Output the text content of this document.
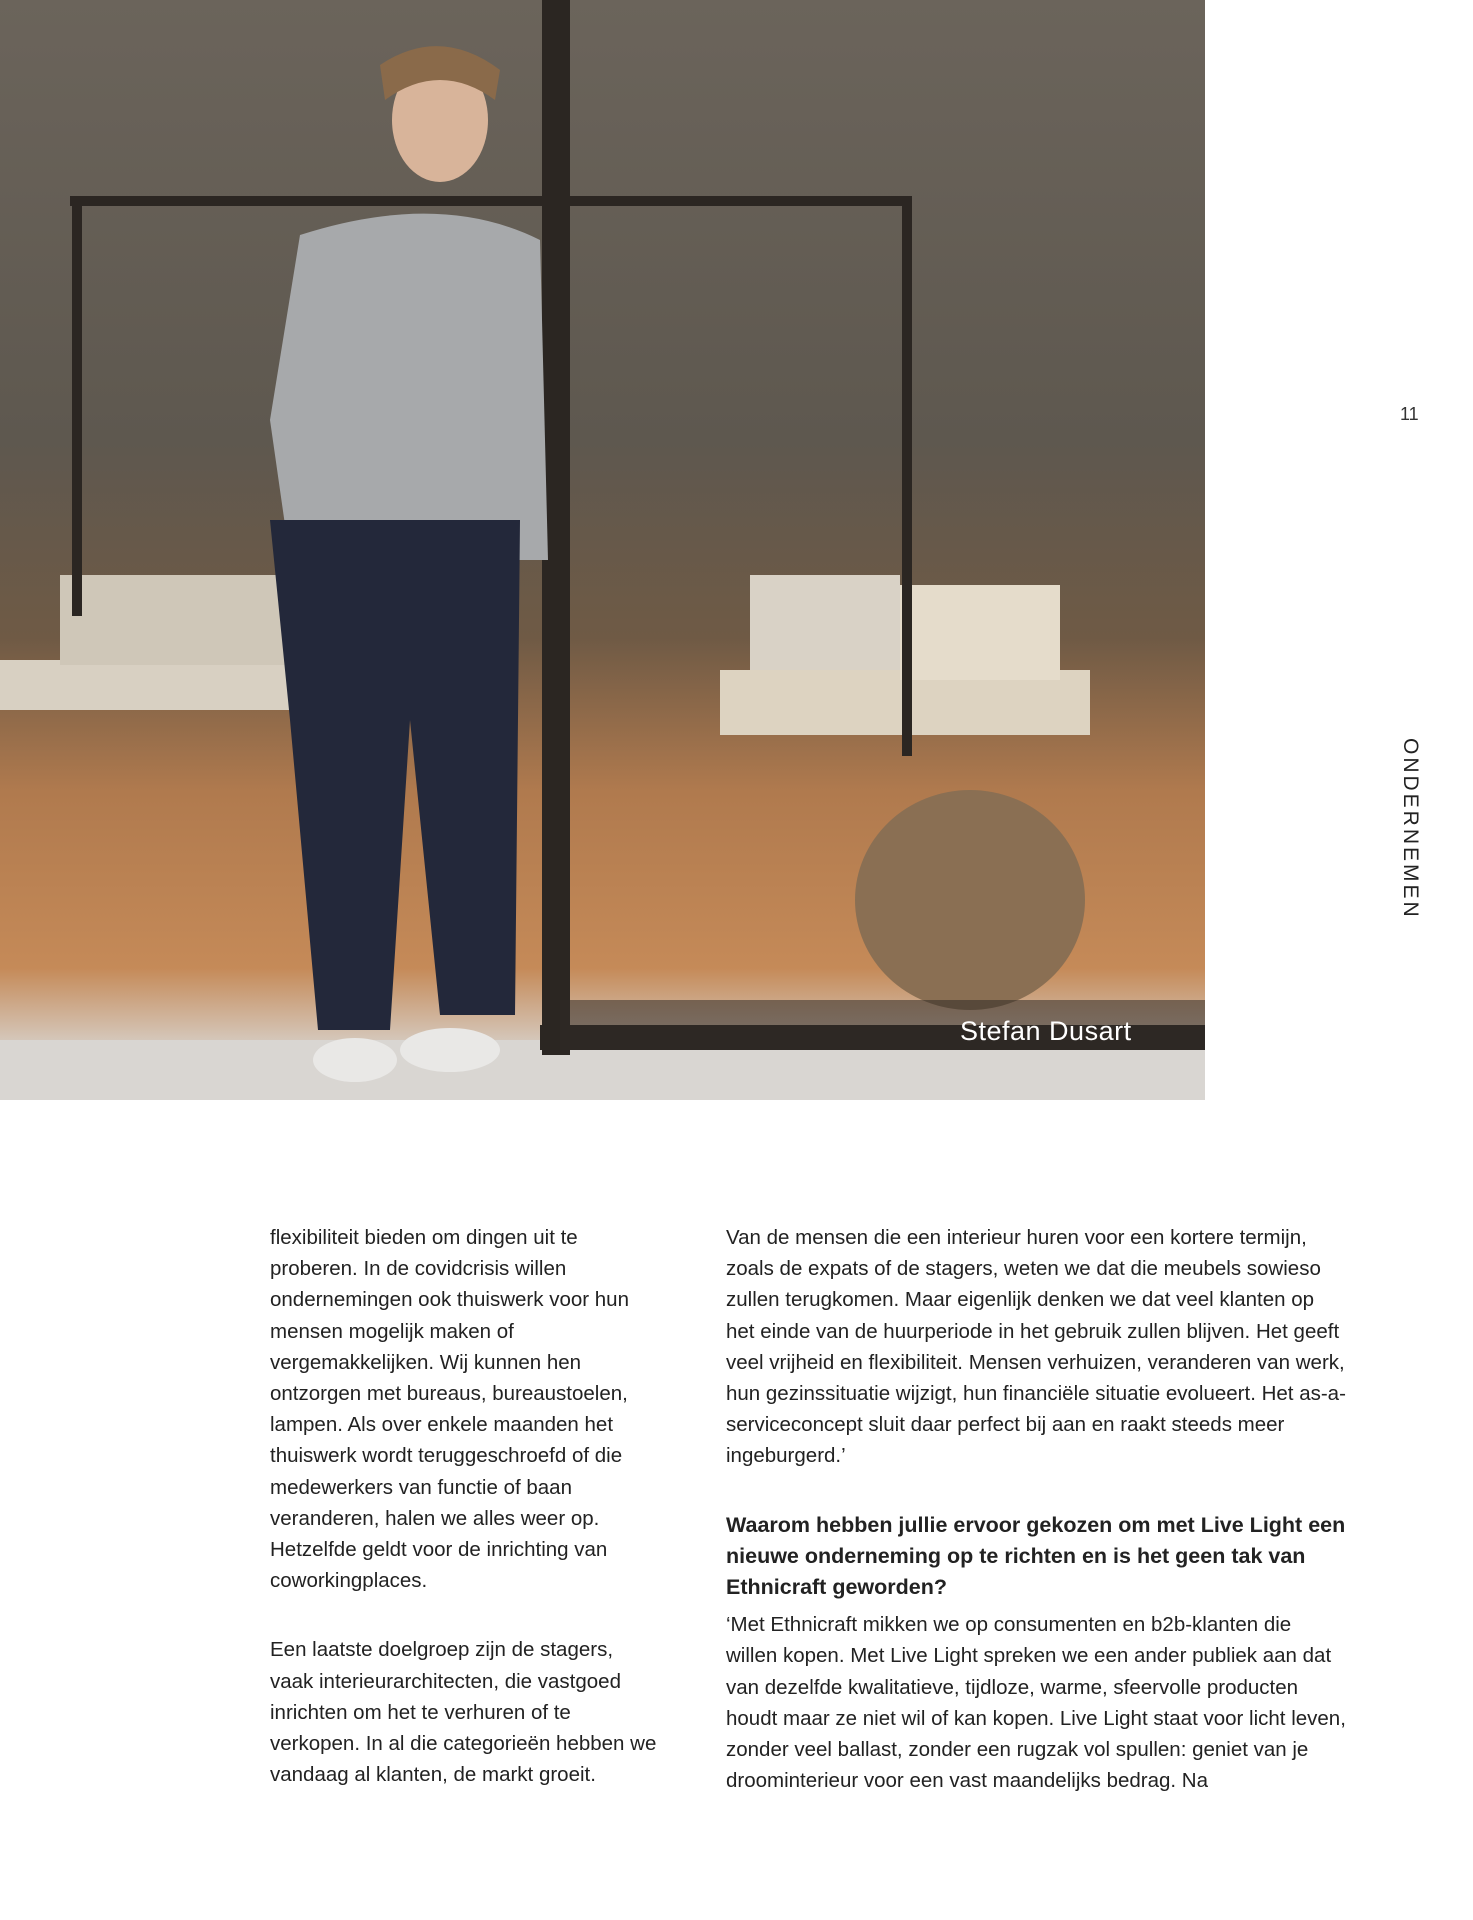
Stefan Dusart
11
ONDERNEMEN

flexibiliteit bieden om dingen uit te proberen. In de covidcrisis willen ondernemingen ook thuiswerk voor hun mensen mogelijk maken of vergemakkelijken. Wij kunnen hen ontzorgen met bureaus, bureaustoelen, lampen. Als over enkele maanden het thuiswerk wordt teruggeschroefd of die medewerkers van functie of baan veranderen, halen we alles weer op. Hetzelfde geldt voor de inrichting van coworkingplaces.

Een laatste doelgroep zijn de stagers, vaak interieurarchitecten, die vastgoed inrichten om het te verhuren of te verkopen. In al die categorieën hebben we vandaag al klanten, de markt groeit.

Van de mensen die een interieur huren voor een kortere termijn, zoals de expats of de stagers, weten we dat die meubels sowieso zullen terugkomen. Maar eigenlijk denken we dat veel klanten op het einde van de huurperiode in het gebruik zullen blijven. Het geeft veel vrijheid en flexibiliteit. Mensen verhuizen, veranderen van werk, hun gezinssituatie wijzigt, hun financiële situatie evolueert. Het as-a-serviceconcept sluit daar perfect bij aan en raakt steeds meer ingeburgerd.’

Waarom hebben jullie ervoor gekozen om met Live Light een nieuwe onderneming op te richten en is het geen tak van Ethnicraft geworden?

‘Met Ethnicraft mikken we op consumenten en b2b-klanten die willen kopen. Met Live Light spreken we een ander publiek aan dat van dezelfde kwalitatieve, tijdloze, warme, sfeervolle producten houdt maar ze niet wil of kan kopen. Live Light staat voor licht leven, zonder veel ballast, zonder een rugzak vol spullen: geniet van je droominterieur voor een vast maandelijks bedrag. Na
